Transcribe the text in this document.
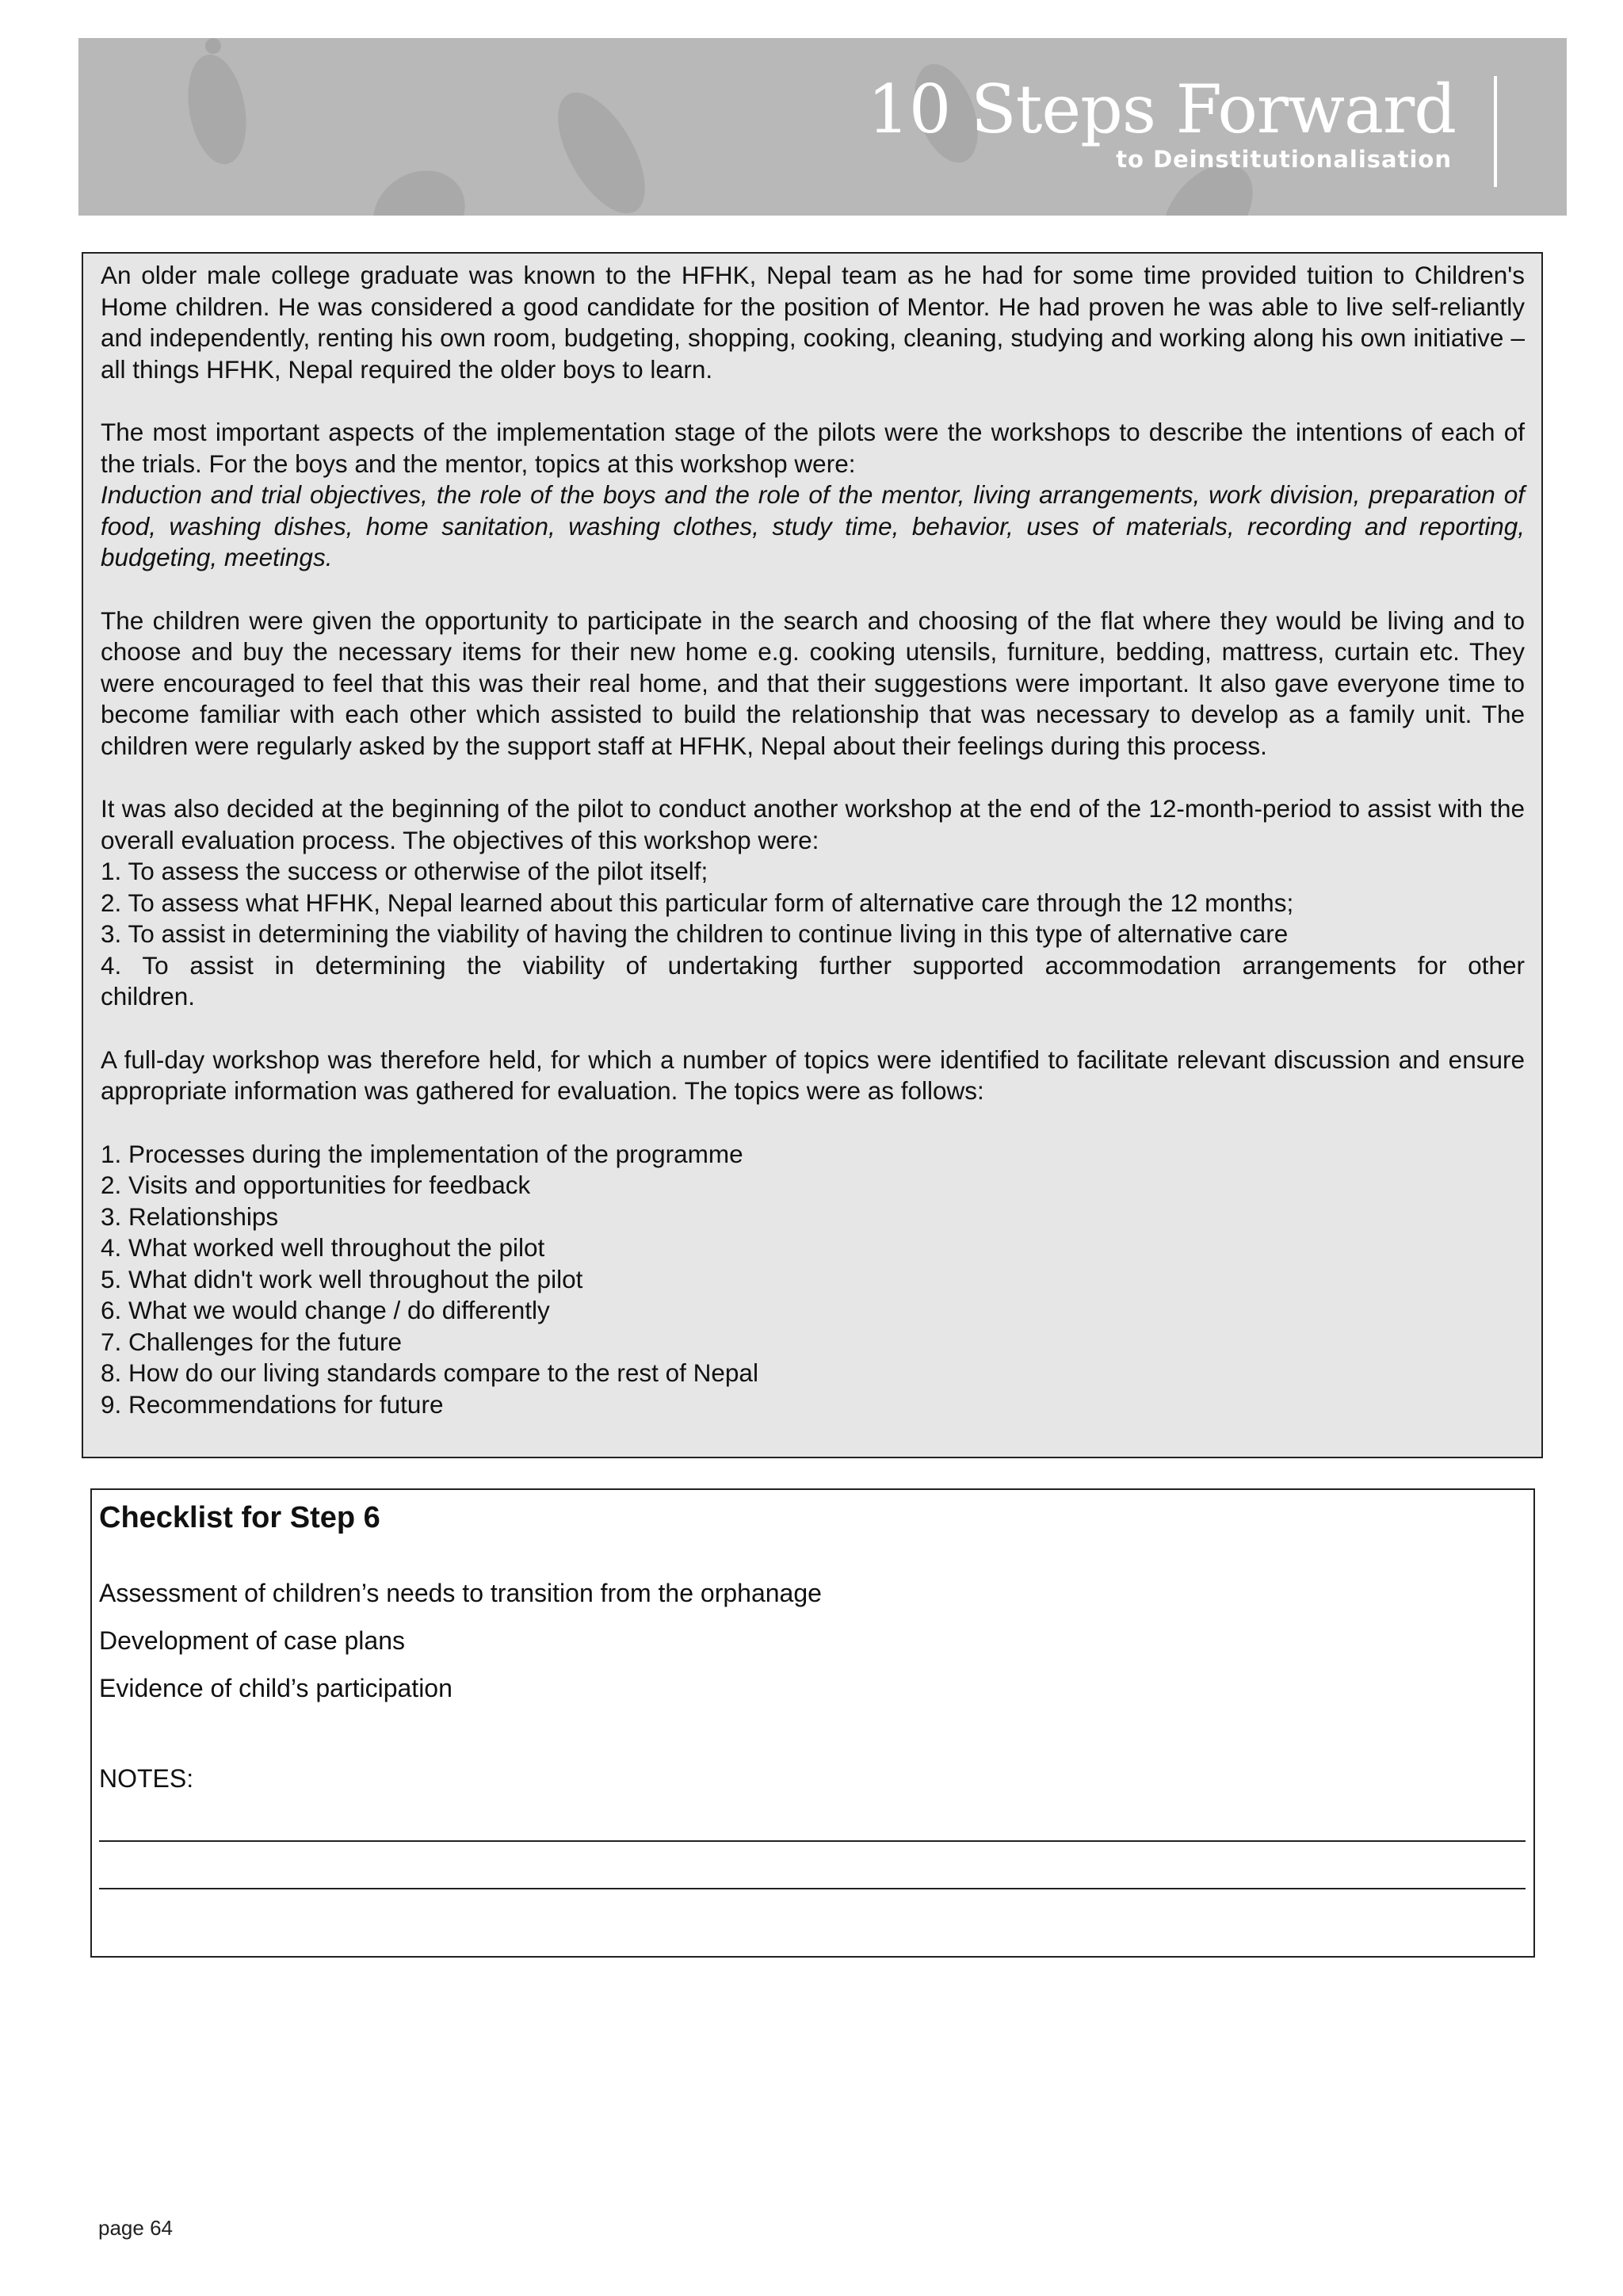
10 Steps Forward
to Deinstitutionalisation

An older male college graduate was known to the HFHK, Nepal team as he had for some time provided tuition to Children's Home children. He was considered a good candidate for the position of Mentor. He had proven he was able to live self-reliantly and independently, renting his own room, budgeting, shopping, cooking, cleaning, studying and working along his own initiative – all things HFHK, Nepal required the older boys to learn.

The most important aspects of the implementation stage of the pilots were the workshops to describe the intentions of each of the trials. For the boys and the mentor, topics at this workshop were:

Induction and trial objectives, the role of the boys and the role of the mentor, living arrangements, work division, preparation of food, washing dishes, home sanitation, washing clothes, study time, behavior, uses of materials, recording and reporting, budgeting, meetings.

The children were given the opportunity to participate in the search and choosing of the flat where they would be living and to choose and buy the necessary items for their new home e.g. cooking utensils, furniture, bedding, mattress, curtain etc. They were encouraged to feel that this was their real home, and that their suggestions were important. It also gave everyone time to become familiar with each other which assisted to build the relationship that was necessary to develop as a family unit. The children were regularly asked by the support staff at HFHK, Nepal about their feelings during this process.

It was also decided at the beginning of the pilot to conduct another workshop at the end of the 12-month-period to assist with the overall evaluation process. The objectives of this workshop were:

1. To assess the success or otherwise of the pilot itself;
2. To assess what HFHK, Nepal learned about this particular form of alternative care through the 12 months;
3. To assist in determining the viability of having the children to continue living in this type of alternative care
4. To assist in determining the viability of undertaking further supported accommodation arrangements for other
children.

A full-day workshop was therefore held, for which a number of topics were identified to facilitate relevant discussion and ensure appropriate information was gathered for evaluation. The topics were as follows:

1. Processes during the implementation of the programme
2. Visits and opportunities for feedback
3. Relationships
4. What worked well throughout the pilot
5. What didn't work well throughout the pilot
6. What we would change / do differently
7. Challenges for the future
8. How do our living standards compare to the rest of Nepal
9. Recommendations for future
Checklist for Step 6
Assessment of children’s needs to transition from the orphanage
Development of case plans
Evidence of child’s participation
NOTES:
page 64
